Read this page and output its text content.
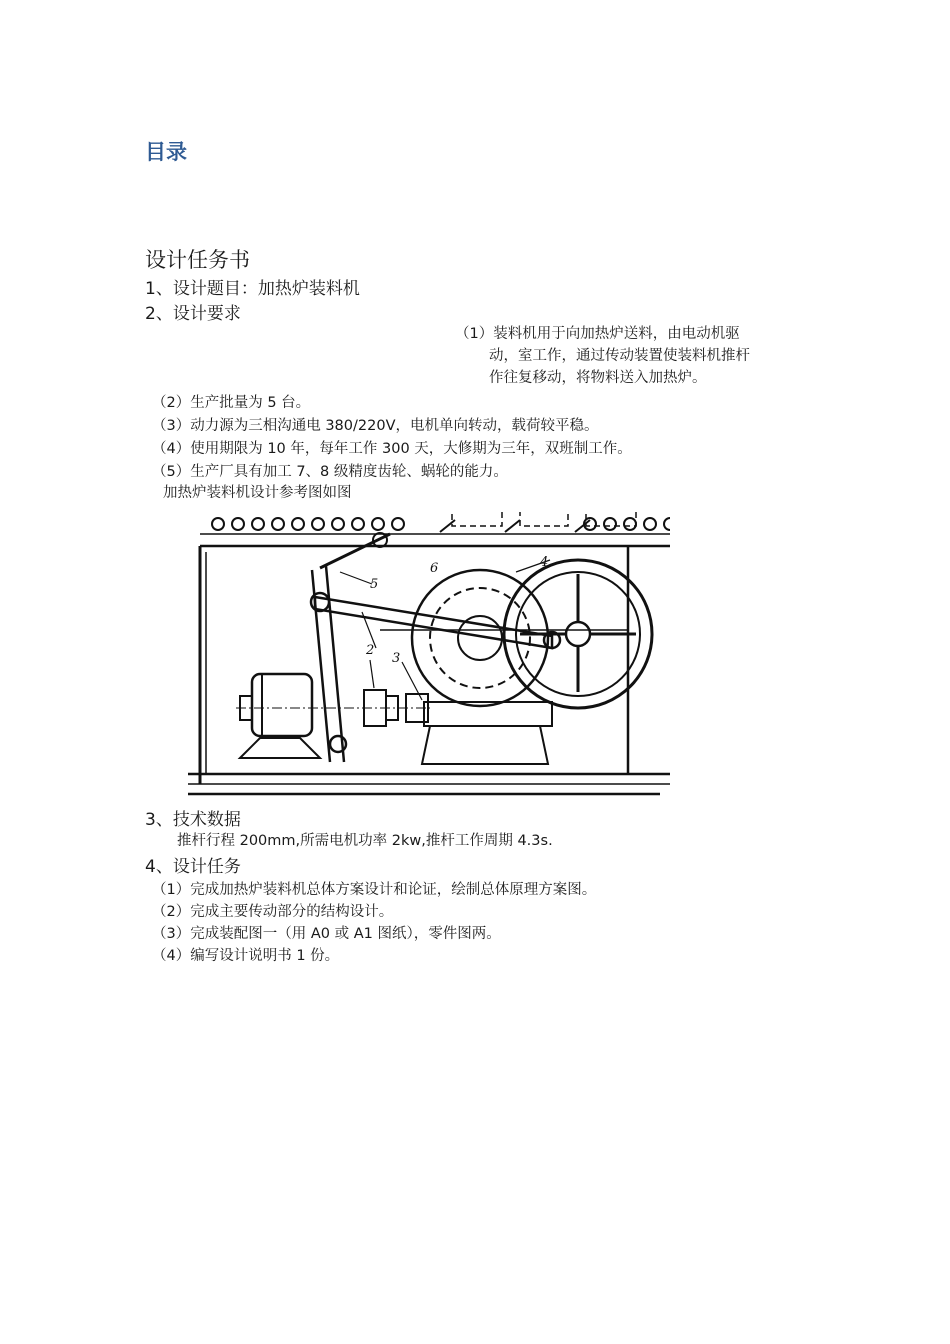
目录
设计任务书
1、设计题目：加热炉装料机
2、设计要求
（1）装料机用于向加热炉送料，由电动机驱
动，室工作，通过传动装置使装料机推杆
作往复移动，将物料送入加热炉。
（2）生产批量为 5 台。
（3）动力源为三相沟通电 380/220V，电机单向转动，载荷较平稳。
（4）使用期限为 10 年，每年工作 300 天，大修期为三年，双班制工作。
（5）生产厂具有加工 7、8 级精度齿轮、蜗轮的能力。
加热炉装料机设计参考图如图
2
3
4
5
6
3、技术数据
推杆行程 200mm,所需电机功率 2kw,推杆工作周期 4.3s.
4、设计任务
（1）完成加热炉装料机总体方案设计和论证，绘制总体原理方案图。
（2）完成主要传动部分的结构设计。
（3）完成装配图一（用 A0 或 A1 图纸），零件图两。
（4）编写设计说明书 1 份。
